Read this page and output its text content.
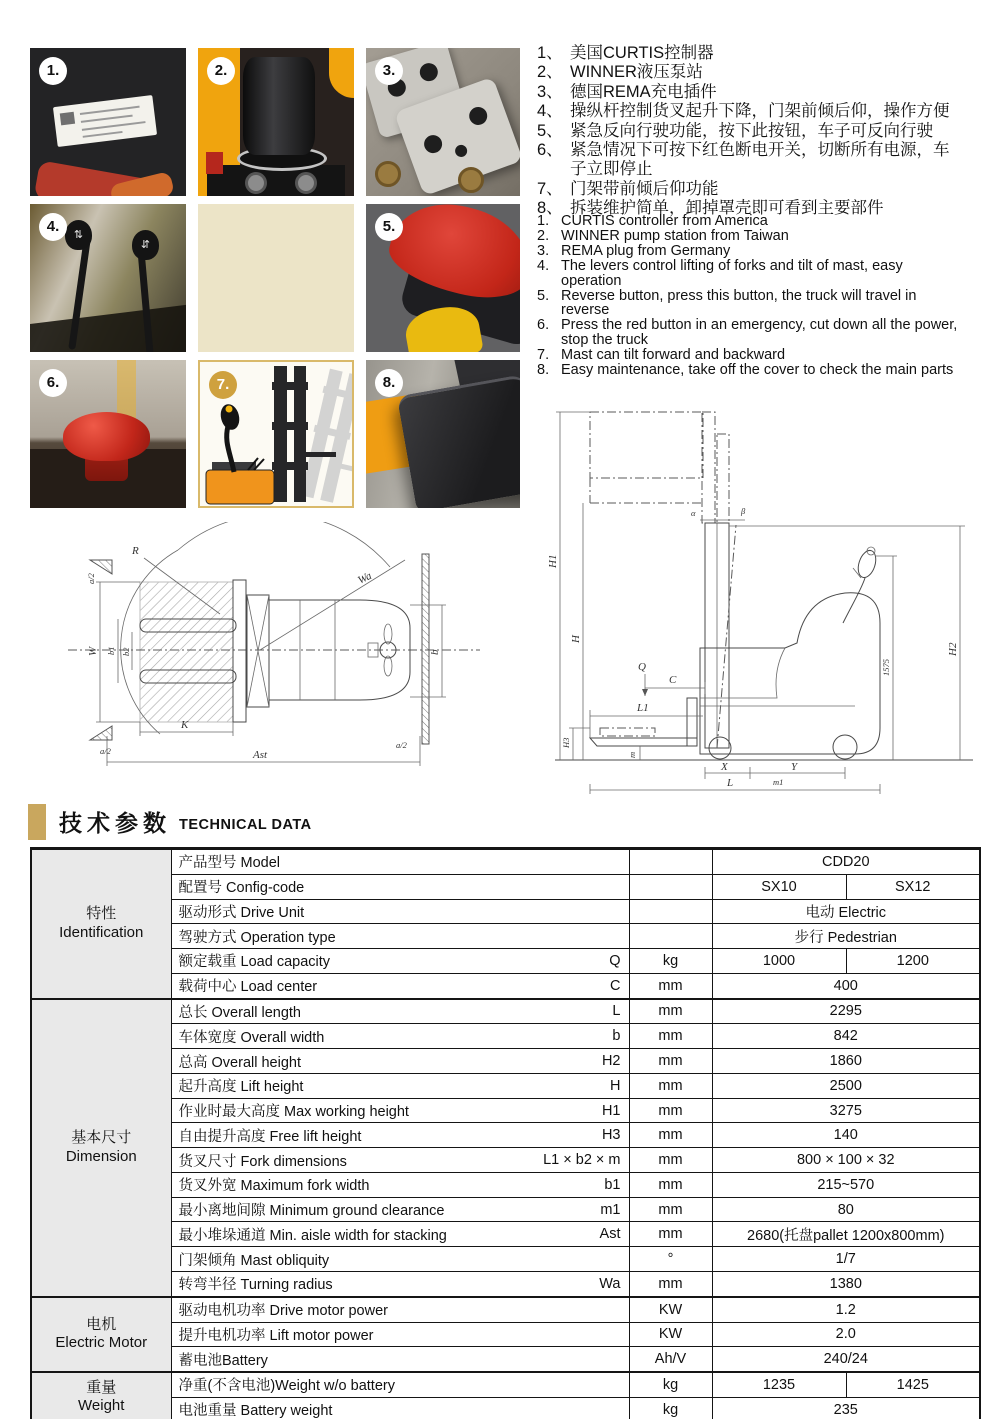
1.	2.	3.
4.	⇅
⇵
5.
6.	7.	8.
1、 美国CURTIS控制器
2、 WINNER液压泵站
3、 德国REMA充电插件
4、 操纵杆控制货叉起升下降，门架前倾后仰，操作方便
5、 紧急反向行驶功能，按下此按钮，车子可反向行驶
6、 紧急情况下可按下红色断电开关，切断所有电源，车子立即停止
7、 门架带前倾后仰功能
8、 拆装维护简单，卸掉罩壳即可看到主要部件
1. CURTIS controller from America
2. WINNER pump station from Taiwan
3. REMA plug from Germany
4. The levers control lifting of forks and tilt of mast, easy operation
5. Reverse button, press this button, the truck will travel in reverse
6. Press the red button in an emergency, cut down all the power, stop the truck
7. Mast can tilt forward and backward
8. Easy maintenance, take off the cover to check the main parts
R
Wa
a/2
a/2
a/2
W b1 b2	b
K
Ast
α	β
H1
H
H3
1575
H2
Q
C
L1
m
X	Y
m1
L
技术参数 TECHNICAL DATA
特性
Identification	产品型号 Model		CDD20	

	配置号 Config-code		SX10	SX12

	驱动形式 Drive Unit		电动 Electric	

	驾驶方式 Operation type		步行 Pedestrian	

	额定载重 Load capacity Q	kg	1000	1200

	载荷中心 Load center C	mm	400	

基本尺寸
Dimension

总长 Overall length	L	mm	2295

	车体宽度 Overall width b	mm	842	

	总高 Overall height H2	mm	1860	

	起升高度 Lift height H	mm	2500	

	作业时最大高度 Max working height H1	mm	3275	

	自由提升高度 Free lift height H3	mm	140	

	货叉尺寸 Fork dimensions L1 × b2 × m	mm	800 × 100 × 32	

	货叉外宽 Maximum fork width b1	mm	215~570	

	最小离地间隙 Minimum ground clearance m1	mm	80	

	最小堆垛通道 Min. aisle width for stacking Ast	mm	2680(托盘pallet 1200x800mm)	

	门架倾角 Mast obliquity	°	1/7	

	转弯半径 Turning radius Wa	mm	1380	

电机
Electric Motor	驱动电机功率 Drive motor power	KW	1.2	

	提升电机功率 Lift motor power	KW	2.0	

	蓄电池Battery	Ah/V	240/24	

重量
Weight	净重(不含电池)Weight w/o battery	kg	1235	1425

	电池重量 Battery weight	kg	235	
